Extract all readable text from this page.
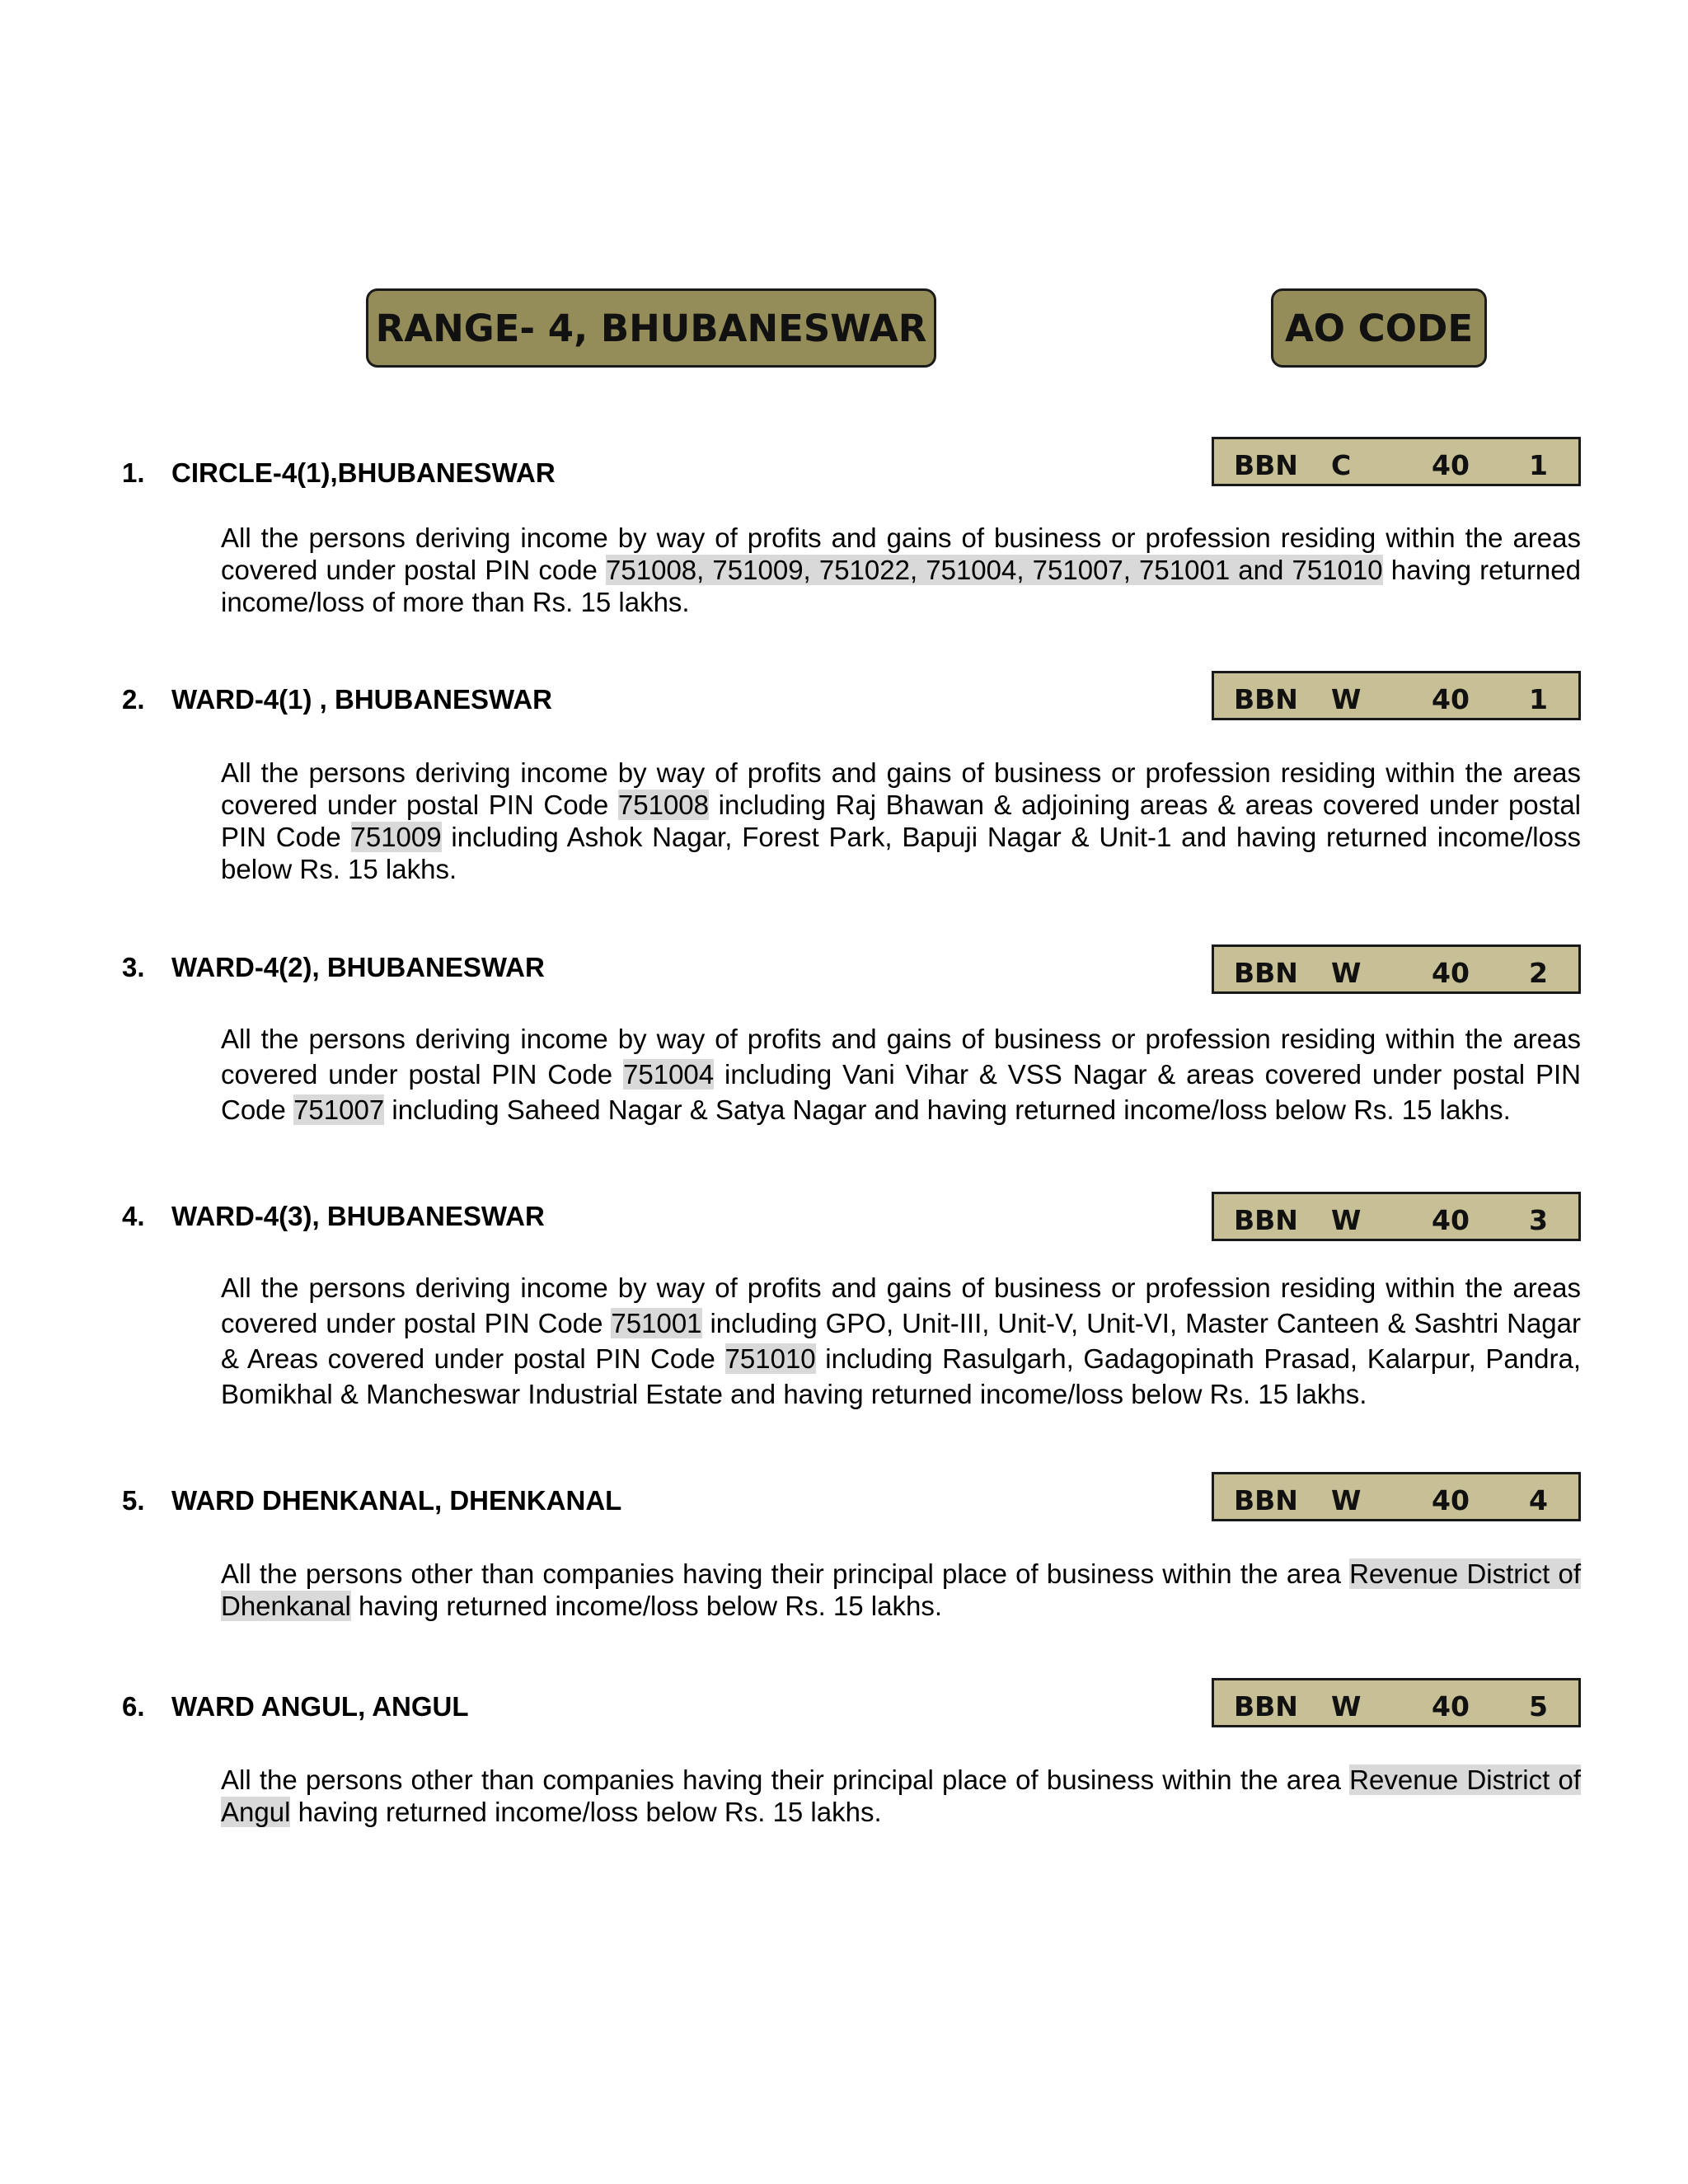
RANGE- 4, BHUBANESWAR	AO CODE
1. CIRCLE-4(1),BHUBANESWAR	BBN C	40 1
All the persons deriving income by way of profits and gains of business or profession residing within the areas covered under postal PIN code 751008, 751009, 751022, 751004, 751007, 751001 and 751010 having returned income/loss of more than Rs. 15 lakhs.
2. WARD-4(1) , BHUBANESWAR	BBN W	40 1
All the persons deriving income by way of profits and gains of business or profession residing within the areas covered under postal PIN Code 751008 including Raj Bhawan & adjoining areas & areas covered under postal PIN Code 751009 including Ashok Nagar, Forest Park, Bapuji Nagar & Unit-1 and having returned income/loss below Rs. 15 lakhs.
3. WARD-4(2), BHUBANESWAR	BBN W	40 2
All the persons deriving income by way of profits and gains of business or profession residing within the areas covered under postal PIN Code 751004 including Vani Vihar & VSS Nagar & areas covered under postal PIN Code 751007 including Saheed Nagar & Satya Nagar and having returned income/loss below Rs. 15 lakhs.
4. WARD-4(3), BHUBANESWAR	BBN W	40 3
All the persons deriving income by way of profits and gains of business or profession residing within the areas covered under postal PIN Code 751001 including GPO, Unit-III, Unit-V, Unit-VI, Master Canteen & Sashtri Nagar & Areas covered under postal PIN Code 751010 including Rasulgarh, Gadagopinath Prasad, Kalarpur, Pandra, Bomikhal & Mancheswar Industrial Estate and having returned income/loss below Rs. 15 lakhs.
5. WARD DHENKANAL, DHENKANAL	BBN W	40 4
All the persons other than companies having their principal place of business within the area Revenue District of Dhenkanal having returned income/loss below Rs. 15 lakhs.
6. WARD ANGUL, ANGUL	BBN W	40 5
All the persons other than companies having their principal place of business within the area Revenue District of Angul having returned income/loss below Rs. 15 lakhs.
